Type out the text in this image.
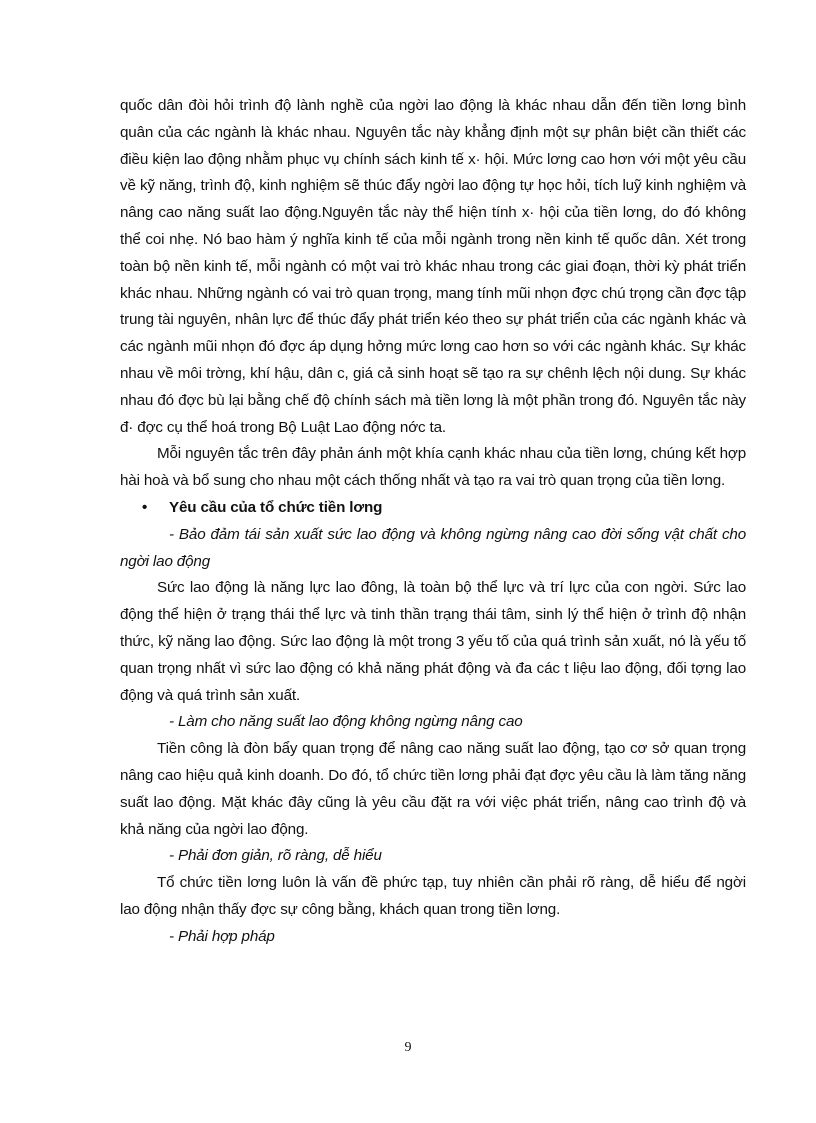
quốc dân đòi hỏi trình độ lành nghề của ngời lao động là khác nhau dẫn đến tiền lơng bình quân của các ngành là khác nhau. Nguyên tắc này khẳng định một sự phân biệt cần thiết các điều kiện lao động nhằm phục vụ chính sách kinh tế x· hội. Mức lơng cao hơn với một yêu cầu về kỹ năng, trình độ, kinh nghiệm sẽ thúc đẩy ngời lao động tự học hỏi, tích luỹ kinh nghiệm và nâng cao năng suất lao động.Nguyên tắc này thể hiện tính x· hội của tiền lơng, do đó không thể coi nhẹ. Nó bao hàm ý nghĩa kinh tế của mỗi ngành trong nền kinh tế quốc dân. Xét trong toàn bộ nền kinh tế, mỗi ngành có một vai trò khác nhau trong các giai đoạn, thời kỳ phát triển khác nhau. Những ngành có vai trò quan trọng, mang tính mũi nhọn đợc chú trọng cần đợc tập trung tài nguyên, nhân lực để thúc đẩy phát triển kéo theo sự phát triển của các ngành khác và các ngành mũi nhọn đó đợc áp dụng hởng mức lơng cao hơn so với các ngành khác. Sự khác nhau về môi trờng, khí hậu, dân c, giá cả sinh hoạt sẽ tạo ra sự chênh lệch nội dung. Sự khác nhau đó đợc bù lại bằng chế độ chính sách mà tiền lơng là một phần trong đó. Nguyên tắc này đ· đợc cụ thể hoá trong Bộ Luật Lao động nớc ta.

Mỗi nguyên tắc trên đây phản ánh một khía cạnh khác nhau của tiền lơng, chúng kết hợp hài hoà và bổ sung cho nhau một cách thống nhất và tạo ra vai trò quan trọng của tiền lơng.

• Yêu cầu của tổ chức tiền lơng

- Bảo đảm tái sản xuất sức lao động và không ngừng nâng cao đời sống vật chất cho ngời lao động

Sức lao động là năng lực lao đông, là toàn bộ thể lực và trí lực của con ngời. Sức lao động thể hiện ở trạng thái thể lực và tinh thần trạng thái tâm, sinh lý thể hiện ở trình độ nhận thức, kỹ năng lao động. Sức lao động là một trong 3 yếu tố của quá trình sản xuất, nó là yếu tố quan trọng nhất vì sức lao động có khả năng phát động và đa các t liệu lao động, đối tợng lao động và quá trình sản xuất.

- Làm cho năng suất lao động không ngừng nâng cao

Tiền công là đòn bẩy quan trọng để nâng cao năng suất lao động, tạo cơ sở quan trọng nâng cao hiệu quả kinh doanh. Do đó, tổ chức tiền lơng phải đạt đợc yêu cầu là làm tăng năng suất lao động. Mặt khác đây cũng là yêu cầu đặt ra với việc phát triển, nâng cao trình độ và khả năng của ngời lao động.

- Phải đơn giản, rõ ràng, dễ hiểu

Tổ chức tiền lơng luôn là vấn đề phức tạp, tuy nhiên cần phải rõ ràng, dễ hiểu để ngời lao động nhận thấy đợc sự công bằng, khách quan trong tiền lơng.

- Phải hợp pháp

9
